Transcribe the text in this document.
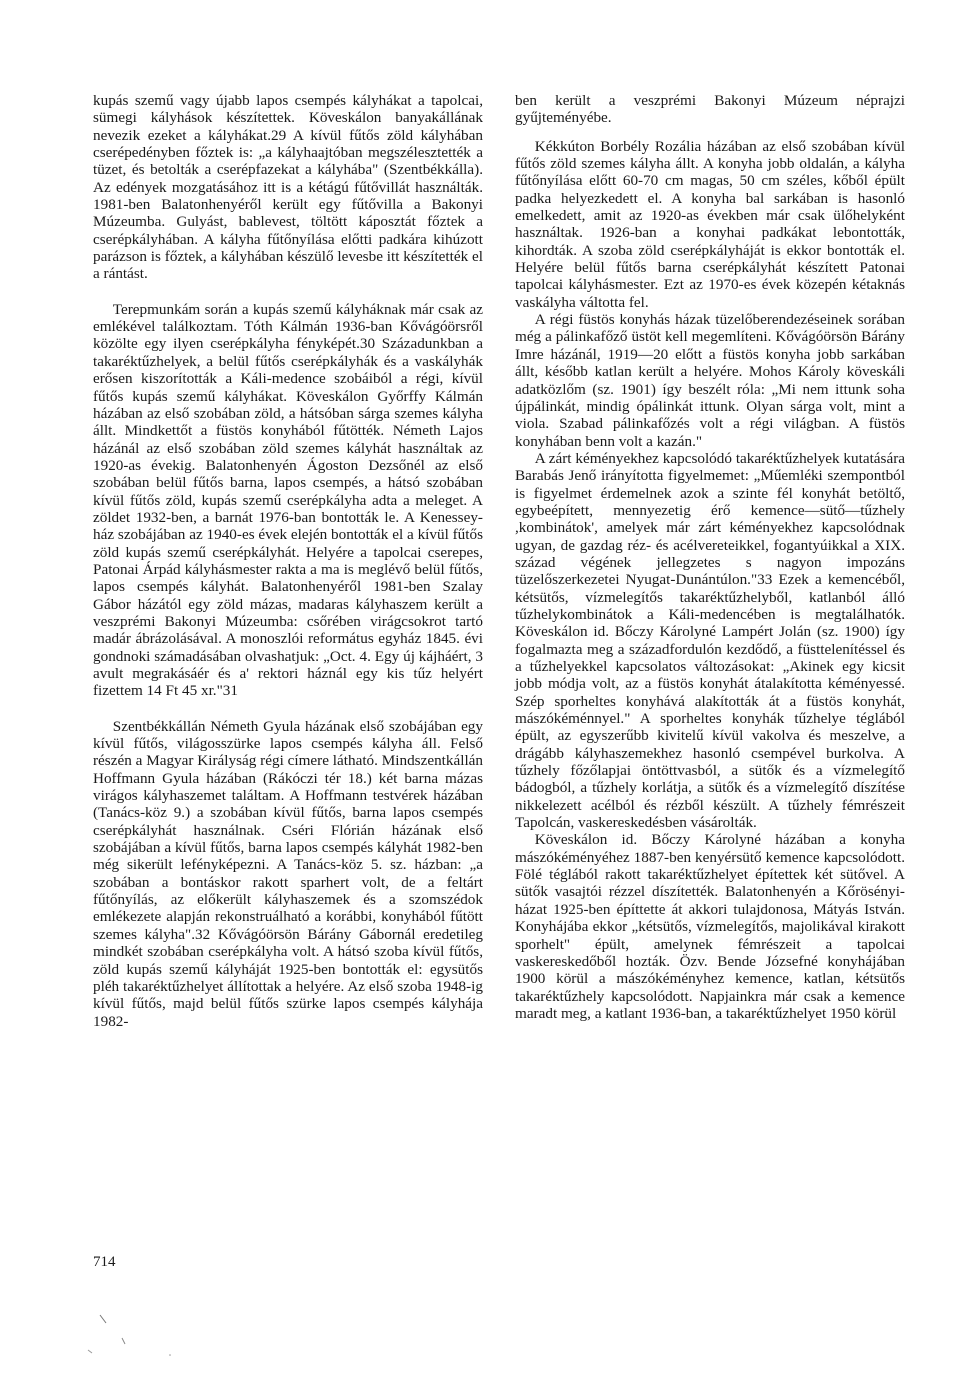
kupás szemű vagy újabb lapos csempés kályhákat a tapolcai, sümegi kályhások készítettek. Köveskálon banyakállának nevezik ezeket a kályhákat.29 A kívül fűtős zöld kályhában cserépedényben főztek is: „a kályhaajtóban megszélesztették a tüzet, és betolták a cserépfazekat a kályhába" (Szentbékkálla). Az edények mozgatásához itt is a kétágú fűtővillát használták. 1981-ben Balatonhenyéről került egy fűtővilla a Bakonyi Múzeumba. Gulyást, bablevest, töltött káposztát főztek a cserépkályhában. A kályha fűtőnyílása előtti padkára kihúzott parázson is főztek, a kályhában készülő levesbe itt készítették el a rántást.

Terepmunkám során a kupás szemű kályháknak már csak az emlékével találkoztam. Tóth Kálmán 1936-ban Kővágóörsről közölte egy ilyen cserépkályha fényképét.30 Századunkban a takaréktűzhelyek, a belül fűtős cserépkályhák és a vaskályhák erősen kiszorították a Káli-medence szobáiból a régi, kívül fűtős kupás szemű kályhákat. Köveskálon Győrffy Kálmán házában az első szobában zöld, a hátsóban sárga szemes kályha állt. Mindkettőt a füstös konyhából fűtötték. Németh Lajos házánál az első szobában zöld szemes kályhát használtak az 1920-as évekig. Balatonhenyén Ágoston Dezsőnél az első szobában belül fűtős barna, lapos csempés, a hátsó szobában kívül fűtős zöld, kupás szemű cserépkályha adta a meleget. A zöldet 1932-ben, a barnát 1976-ban bontották le. A Kenessey-ház szobájában az 1940-es évek elején bontották el a kívül fűtős zöld kupás szemű cserépkályhát. Helyére a tapolcai cserepes, Patonai Árpád kályhásmester rakta a ma is meglévő belül fűtős, lapos csempés kályhát. Balatonhenyéről 1981-ben Szalay Gábor házától egy zöld mázas, madaras kályhaszem került a veszprémi Bakonyi Múzeumba: csőrében virágcsokrot tartó madár ábrázolásával. A monoszlói református egyház 1845. évi gondnoki számadásában olvashatjuk: „Oct. 4. Egy új kájháért, 3 avult megrakásáér és a' rektori háznál egy kis tűz helyért fizettem 14 Ft 45 xr."31

Szentbékkállán Németh Gyula házának első szobájában egy kívül fűtős, világosszürke lapos csempés kályha áll. Felső részén a Magyar Királyság régi címere látható. Mindszentkállán Hoffmann Gyula házában (Rákóczi tér 18.) két barna mázas virágos kályhaszemet találtam. A Hoffmann testvérek házában (Tanács-köz 9.) a szobában kívül fűtős, barna lapos csempés cserépkályhát használnak. Cséri Flórián házának első szobájában a kívül fűtős, barna lapos csempés kályhát 1982-ben még sikerült lefényképezni. A Tanács-köz 5. sz. házban: „a szobában a bontáskor rakott sparhert volt, de a feltárt fűtőnyílás, az előkerült kályhaszemek és a szomszédok emlékezete alapján rekonstruálható a korábbi, konyhából fűtött szemes kályha".32 Kővágóörsön Bárány Gábornál eredetileg mindkét szobában cserépkályha volt. A hátsó szoba kívül fűtős, zöld kupás szemű kályháját 1925-ben bontották el: egysütős pléh takaréktűzhelyet állítottak a helyére. Az első szoba 1948-ig kívül fűtős, majd belül fűtős szürke lapos csempés kályhája 1982-

ben került a veszprémi Bakonyi Múzeum néprajzi gyűjteményébe.

Kékkúton Borbély Rozália házában az első szobában kívül fűtős zöld szemes kályha állt. A konyha jobb oldalán, a kályha fűtőnyílása előtt 60-70 cm magas, 50 cm széles, kőből épült padka helyezkedett el. A konyha bal sarkában is hasonló emelkedett, amit az 1920-as években már csak ülőhelyként használtak. 1926-ban a konyhai padkákat lebontották, kihordták. A szoba zöld cserépkályháját is ekkor bontották el. Helyére belül fűtős barna cserépkályhát készített Patonai tapolcai kályhásmester. Ezt az 1970-es évek közepén kétaknás vaskályha váltotta fel.

A régi füstös konyhás házak tüzelőberendezéseinek sorában még a pálinkafőző üstöt kell megemlíteni. Kővágóörsön Bárány Imre házánál, 1919—20 előtt a füstös konyha jobb sarkában állt, később katlan került a helyére. Mohos Károly köveskáli adatközlőm (sz. 1901) így beszélt róla: „Mi nem ittunk soha újpálinkát, mindig ópálinkát ittunk. Olyan sárga volt, mint a viola. Szabad pálinkafőzés volt a régi világban. A füstös konyhában benn volt a kazán."

A zárt kéményekhez kapcsolódó takaréktűzhelyek kutatására Barabás Jenő irányította figyelmemet: „Műemléki szempontból is figyelmet érdemelnek azok a szinte fél konyhát betöltő, egybeépített, mennyezetig érő kemence—sütő—tűzhely ,kombinátok', amelyek már zárt kéményekhez kapcsolódnak ugyan, de gazdag réz- és acélvereteikkel, fogantyúikkal a XIX. század végének jellegzetes s nagyon impozáns tüzelőszerkezetei Nyugat-Dunántúlon."33 Ezek a kemencéből, kétsütős, vízmelegítős takaréktűzhelyből, katlanból álló tűzhelykombinátok a Káli-medencében is megtalálhatók. Köveskálon id. Bőczy Károlyné Lampért Jolán (sz. 1900) így fogalmazta meg a századfordulón kezdődő, a füsttelenítéssel és a tűzhelyekkel kapcsolatos változásokat: „Akinek egy kicsit jobb módja volt, az a füstös konyhát átalakította kéményessé. Szép sporheltes konyhává alakították át a füstös konyhát, mászókéménnyel." A sporheltes konyhák tűzhelye téglából épült, az egyszerűbb kivitelű kívül vakolva és meszelve, a drágább kályhaszemekhez hasonló csempével burkolva. A tűzhely főzőlapjai öntöttvasból, a sütők és a vízmelegítő bádogból, a tűzhely korlátja, a sütők és a vízmelegítő díszítése nikkelezett acélból és rézből készült. A tűzhely fémrészeit Tapolcán, vaskereskedésben vásárolták.

Köveskálon id. Bőczy Károlyné házában a konyha mászókéményéhez 1887-ben kenyérsütő kemence kapcsolódott. Fölé téglából rakott takaréktűzhelyet építettek két sütővel. A sütők vasajtói rézzel díszítették. Balatonhenyén a Kőrösényi-házat 1925-ben építtette át akkori tulajdonosa, Mátyás István. Konyhájába ekkor „kétsütős, vízmelegítős, majolikával kirakott sporhelt" épült, amelynek fémrészeit a tapolcai vaskereskedőből hozták. Özv. Bende Józsefné konyhájában 1900 körül a mászókéményhez kemence, katlan, kétsütős takaréktűzhely kapcsolódott. Napjainkra már csak a kemence maradt meg, a katlant 1936-ban, a takaréktűzhelyet 1950 körül

714
